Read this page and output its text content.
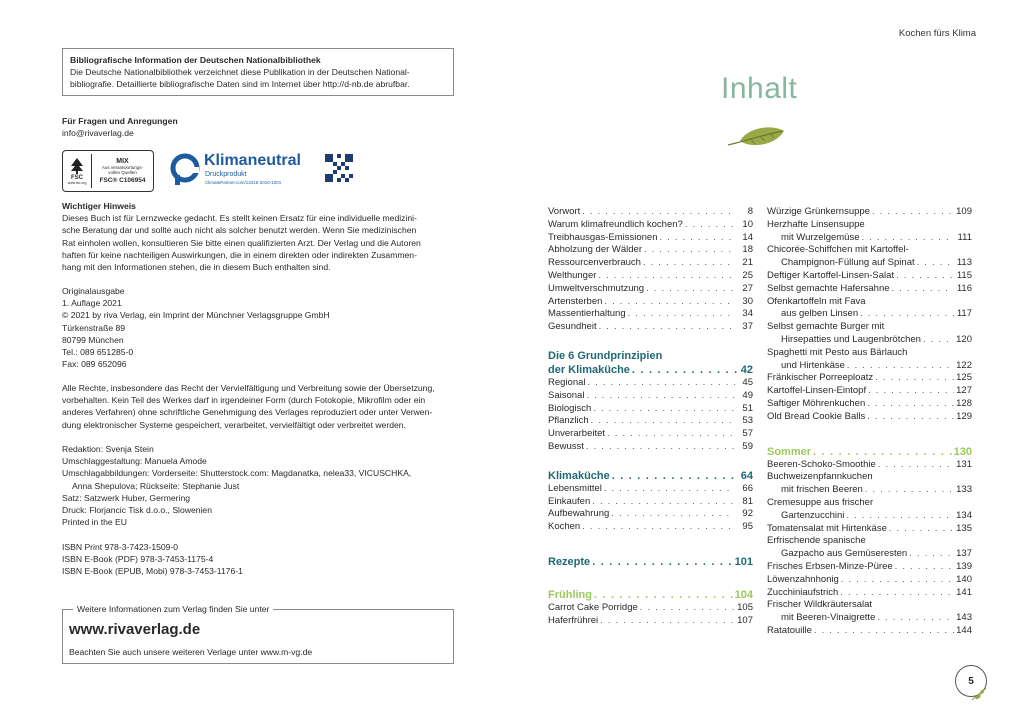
Kochen fürs Klima
Bibliografische Information der Deutschen Nationalbibliothek
Die Deutsche Nationalbibliothek verzeichnet diese Publikation in der Deutschen National-
bibliografie. Detaillierte bibliografische Daten sind im Internet über http://d-nb.de abrufbar.
Für Fragen und Anregungen
info@rivaverlag.de
FSC
www.fsc.org
MIX
Aus verantwortungs-
vollen Quellen
FSC® C106954
Klimaneutral
Druckprodukt
ClimatePartner.com/13415-2010-1001
Wichtiger Hinweis
Dieses Buch ist für Lernzwecke gedacht. Es stellt keinen Ersatz für eine individuelle medizini-
sche Beratung dar und sollte auch nicht als solcher benutzt werden. Wenn Sie medizinischen
Rat einholen wollen, konsultieren Sie bitte einen qualifizierten Arzt. Der Verlag und die Autoren
haften für keine nachteiligen Auswirkungen, die in einem direkten oder indirekten Zusammen-
hang mit den Informationen stehen, die in diesem Buch enthalten sind.
Originalausgabe
1. Auflage 2021
© 2021 by riva Verlag, ein Imprint der Münchner Verlagsgruppe GmbH
Türkenstraße 89
80799 München
Tel.: 089 651285-0
Fax: 089 652096
Alle Rechte, insbesondere das Recht der Vervielfältigung und Verbreitung sowie der Übersetzung,
vorbehalten. Kein Teil des Werkes darf in irgendeiner Form (durch Fotokopie, Mikrofilm oder ein
anderes Verfahren) ohne schriftliche Genehmigung des Verlages reproduziert oder unter Verwen-
dung elektronischer Systeme gespeichert, verarbeitet, vervielfältigt oder verbreitet werden.
Redaktion: Svenja Stein
Umschlaggestaltung: Manuela Amode
Umschlagabbildungen: Vorderseite: Shutterstock.com: Magdanatka, nelea33, VICUSCHKA,
Anna Shepulova; Rückseite: Stephanie Just
Satz: Satzwerk Huber, Germering
Druck: Florjancic Tisk d.o.o., Slowenien
Printed in the EU
ISBN Print 978-3-7423-1509-0
ISBN E-Book (PDF) 978-3-7453-1175-4
ISBN E-Book (EPUB, Mobi) 978-3-7453-1176-1
Weitere Informationen zum Verlag finden Sie unter
www.rivaverlag.de
Beachten Sie auch unsere weiteren Verlage unter www.m-vg.de
Inhalt
Vorwort . . .	8
Warum klimafreundlich kochen? . . .	10
Treibhausgas-Emissionen . . .	14
Abholzung der Wälder . . .	18
Ressourcenverbrauch . . .	21
Welthunger . . .	25
Umweltverschmutzung . . .	27
Artensterben . . .	30
Massentierhaltung . . .	34
Gesundheit . . .	37
Die 6 Grundprinzipien
der Klimaküche . . .	42
Regional . . .	45
Saisonal . . .	49
Biologisch . . .	51
Pflanzlich . . .	53
Unverarbeitet . . .	57
Bewusst . . .	59
Klimaküche . . .	64
Lebensmittel . . .	66
Einkaufen . . .	81
Aufbewahrung . . .	92
Kochen . . .	95
Rezepte . . .	101
Frühling . . .	104
Carrot Cake Porridge . . .	105
Haferfrührei . . .	107
Würzige Grünkernsuppe . . .	109
Herzhafte Linsensuppe
mit Wurzelgemüse . . .	111
Chicorée-Schiffchen mit Kartoffel-
Champignon-Füllung auf Spinat . . .	113
Deftiger Kartoffel-Linsen-Salat . . .	115
Selbst gemachte Hafersahne . . .	116
Ofenkartoffeln mit Fava
aus gelben Linsen . . .	117
Selbst gemachte Burger mit
Hirsepatties und Laugenbrötchen . . .	120
Spaghetti mit Pesto aus Bärlauch
und Hirtenkäse . . .	122
Fränkischer Porreeploatz . . .	125
Kartoffel-Linsen-Eintopf . . .	127
Saftiger Möhrenkuchen . . .	128
Old Bread Cookie Balls . . .	129
Sommer . . .	130
Beeren-Schoko-Smoothie . . .	131
Buchweizenpfannkuchen
mit frischen Beeren . . .	133
Cremesuppe aus frischer
Gartenzucchini . . .	134
Tomatensalat mit Hirtenkäse . . .	135
Erfrischende spanische
Gazpacho aus Gemüseresten . . .	137
Frisches Erbsen-Minze-Püree . . .	139
Löwenzahnhonig . . .	140
Zucchiniaufstrich . . .	141
Frischer Wildkräutersalat
mit Beeren-Vinaigrette . . .	143
Ratatouille . . .	144
5
